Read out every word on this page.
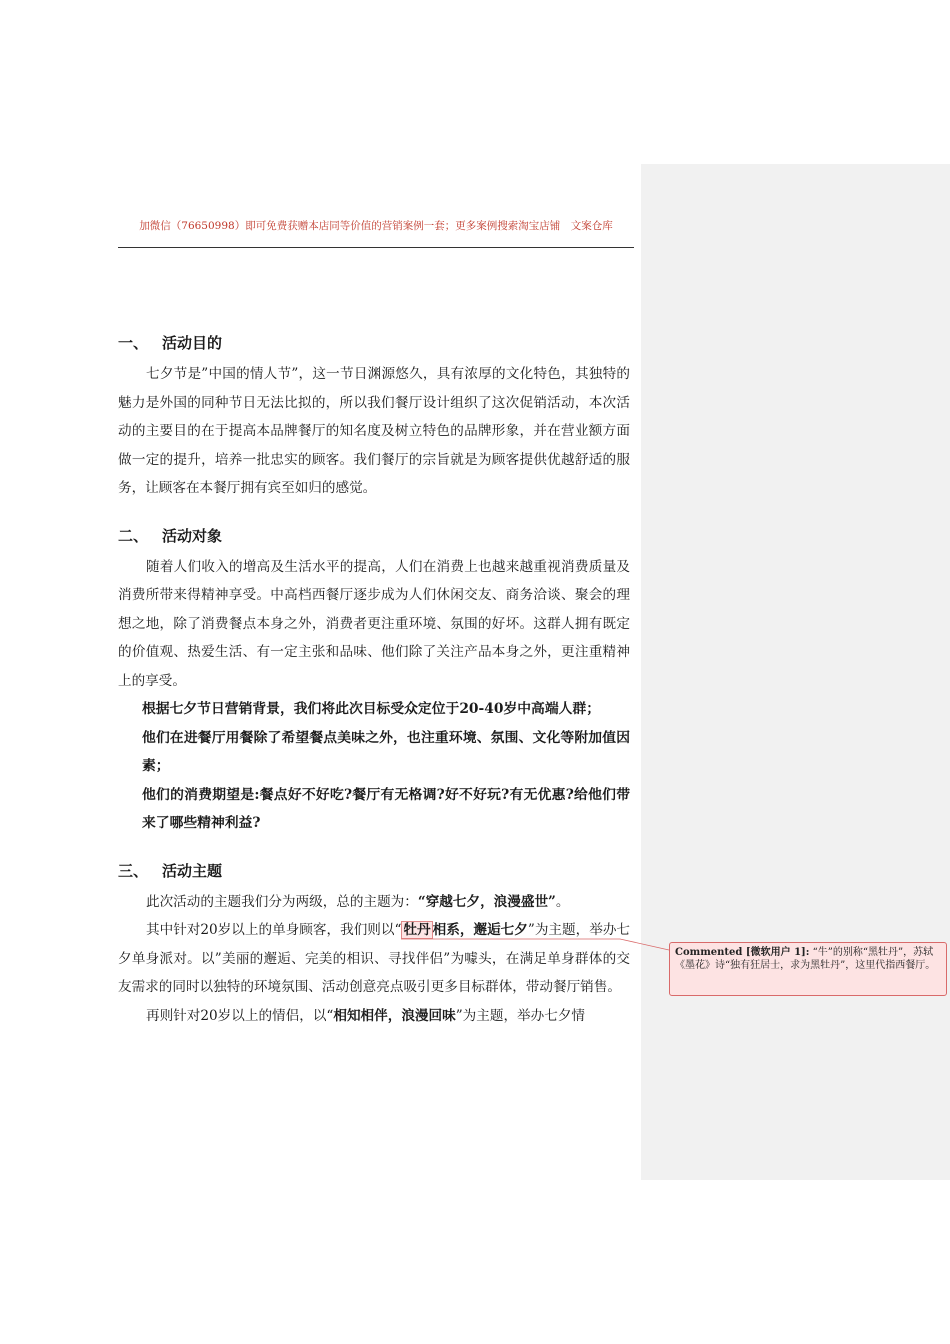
加微信（76650998）即可免费获赠本店同等价值的营销案例一套；更多案例搜索淘宝店铺　文案仓库
一、 活动目的

七夕节是”中国的情人节”，这一节日渊源悠久，具有浓厚的文化特色，其独特的魅力是外国的同种节日无法比拟的，所以我们餐厅设计组织了这次促销活动，本次活动的主要目的在于提高本品牌餐厅的知名度及树立特色的品牌形象，并在营业额方面做一定的提升，培养一批忠实的顾客。我们餐厅的宗旨就是为顾客提供优越舒适的服务，让顾客在本餐厅拥有宾至如归的感觉。

二、 活动对象

随着人们收入的增高及生活水平的提高，人们在消费上也越来越重视消费质量及消费所带来得精神享受。中高档西餐厅逐步成为人们休闲交友、商务洽谈、聚会的理想之地，除了消费餐点本身之外，消费者更注重环境、氛围的好坏。这群人拥有既定的价值观、热爱生活、有一定主张和品味、他们除了关注产品本身之外，更注重精神上的享受。

根据七夕节日营销背景，我们将此次目标受众定位于20-40岁中高端人群；

他们在进餐厅用餐除了希望餐点美味之外，也注重环境、氛围、文化等附加值因素；

他们的消费期望是:餐点好不好吃?餐厅有无格调?好不好玩?有无优惠?给他们带来了哪些精神利益?

三、 活动主题

此次活动的主题我们分为两级，总的主题为：“穿越七夕，浪漫盛世”。

其中针对20岁以上的单身顾客，我们则以“ 牡丹 相系，邂逅七夕”为主题，举办七夕单身派对。以”美丽的邂逅、完美的相识、寻找伴侣”为噱头，在满足单身群体的交友需求的同时以独特的环境氛围、活动创意亮点吸引更多目标群体，带动餐厅销售。

再则针对20岁以上的情侣，以“相知相伴，浪漫回味”为主题，举办七夕情

Commented [微软用户 1]: “牛”的别称“黑牡丹”，苏轼《墨花》诗“独有狂居士，求为黑牡丹”，这里代指西餐厅。
